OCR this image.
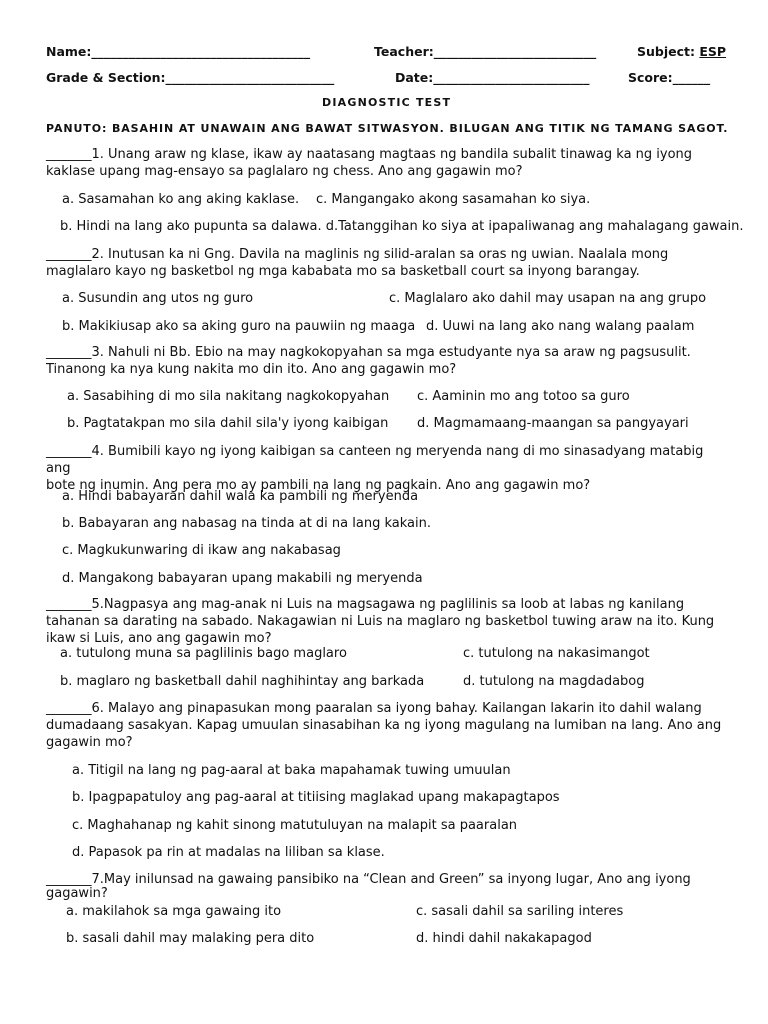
Name:___________________________________	Teacher:__________________________	Subject: ESP
Grade & Section:___________________________	Date:_________________________	Score:______
DIAGNOSTIC TEST
PANUTO: BASAHIN AT UNAWAIN ANG BAWAT SITWASYON. BILUGAN ANG TITIK NG TAMANG SAGOT.
_______1. Unang araw ng klase, ikaw ay naatasang magtaas ng bandila subalit tinawag ka ng iyong
kaklase upang mag-ensayo sa paglalaro ng chess. Ano ang gagawin mo?
a. Sasamahan ko ang aking kaklase. c. Mangangako akong sasamahan ko siya.
b. Hindi na lang ako pupunta sa dalawa. d.Tatanggihan ko siya at ipapaliwanag ang mahalagang gawain.
_______2. Inutusan ka ni Gng. Davila na maglinis ng silid-aralan sa oras ng uwian. Naalala mong
maglalaro kayo ng basketbol ng mga kababata mo sa basketball court sa inyong barangay.
a. Susundin ang utos ng guro	c. Maglalaro ako dahil may usapan na ang grupo
b. Makikiusap ako sa aking guro na pauwiin ng maaga d. Uuwi na lang ako nang walang paalam
_______3. Nahuli ni Bb. Ebio na may nagkokopyahan sa mga estudyante nya sa araw ng pagsusulit.
Tinanong ka nya kung nakita mo din ito. Ano ang gagawin mo?
a. Sasabihing di mo sila nakitang nagkokopyahan c. Aaminin mo ang totoo sa guro
b. Pagtatakpan mo sila dahil sila'y iyong kaibigan d. Magmamaang-maangan sa pangyayari
_______4. Bumibili kayo ng iyong kaibigan sa canteen ng meryenda nang di mo sinasadyang matabig ang
bote ng inumin. Ang pera mo ay pambili na lang ng pagkain. Ano ang gagawin mo?
a. Hindi babayaran dahil wala ka pambili ng meryenda
b. Babayaran ang nabasag na tinda at di na lang kakain.
c. Magkukunwaring di ikaw ang nakabasag
d. Mangakong babayaran upang makabili ng meryenda
_______5.Nagpasya ang mag-anak ni Luis na magsagawa ng paglilinis sa loob at labas ng kanilang
tahanan sa darating na sabado. Nakagawian ni Luis na maglaro ng basketbol tuwing araw na ito. Kung
ikaw si Luis, ano ang gagawin mo?
a. tutulong muna sa paglilinis bago maglaro	c. tutulong na nakasimangot
b. maglaro ng basketball dahil naghihintay ang barkada	d. tutulong na magdadabog
_______6. Malayo ang pinapasukan mong paaralan sa iyong bahay. Kailangan lakarin ito dahil walang
dumadaang sasakyan. Kapag umuulan sinasabihan ka ng iyong magulang na lumiban na lang. Ano ang
gagawin mo?
a. Titigil na lang ng pag-aaral at baka mapahamak tuwing umuulan
b. Ipagpapatuloy ang pag-aaral at titiising maglakad upang makapagtapos
c. Maghahanap ng kahit sinong matutuluyan na malapit sa paaralan
d. Papasok pa rin at madalas na liliban sa klase.
_______7.May inilunsad na gawaing pansibiko na “Clean and Green” sa inyong lugar, Ano ang iyong
gagawin?
a. makilahok sa mga gawaing ito	c. sasali dahil sa sariling interes
b. sasali dahil may malaking pera dito	d. hindi dahil nakakapagod
